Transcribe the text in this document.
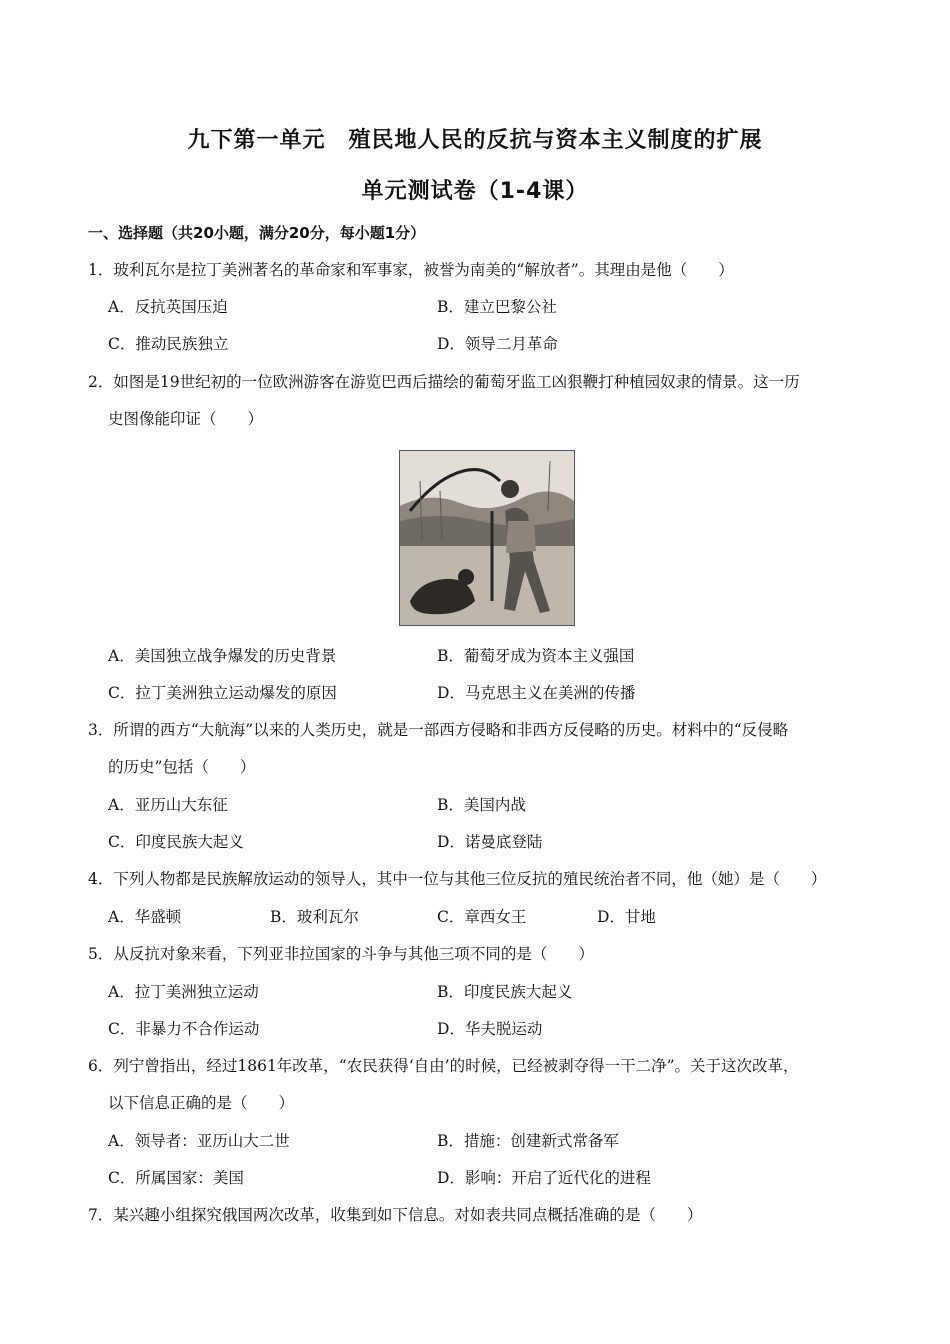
九下第一单元　殖民地人民的反抗与资本主义制度的扩展
单元测试卷（1-4课）
一、选择题（共20小题，满分20分，每小题1分）
1．玻利瓦尔是拉丁美洲著名的革命家和军事家，被誉为南美的“解放者”。其理由是他（　　）
A．反抗英国压迫	B．建立巴黎公社
C．推动民族独立	D．领导二月革命
2．如图是19世纪初的一位欧洲游客在游览巴西后描绘的葡萄牙监工凶狠鞭打种植园奴隶的情景。这一历
史图像能印证（　　）
A．美国独立战争爆发的历史背景	B．葡萄牙成为资本主义强国
C．拉丁美洲独立运动爆发的原因	D．马克思主义在美洲的传播
3．所谓的西方“大航海”以来的人类历史，就是一部西方侵略和非西方反侵略的历史。材料中的“反侵略
的历史”包括（　　）
A．亚历山大东征	B．美国内战
C．印度民族大起义	D．诺曼底登陆
4．下列人物都是民族解放运动的领导人，其中一位与其他三位反抗的殖民统治者不同，他（她）是（　　）
A．华盛顿	B．玻利瓦尔	C．章西女王	D．甘地
5．从反抗对象来看，下列亚非拉国家的斗争与其他三项不同的是（　　）
A．拉丁美洲独立运动	B．印度民族大起义
C．非暴力不合作运动	D．华夫脱运动
6．列宁曾指出，经过1861年改革，“农民获得‘自由’的时候，已经被剥夺得一干二净”。关于这次改革，
以下信息正确的是（　　）
A．领导者：亚历山大二世	B．措施：创建新式常备军
C．所属国家：美国	D．影响：开启了近代化的进程
7．某兴趣小组探究俄国两次改革，收集到如下信息。对如表共同点概括准确的是（　　）
